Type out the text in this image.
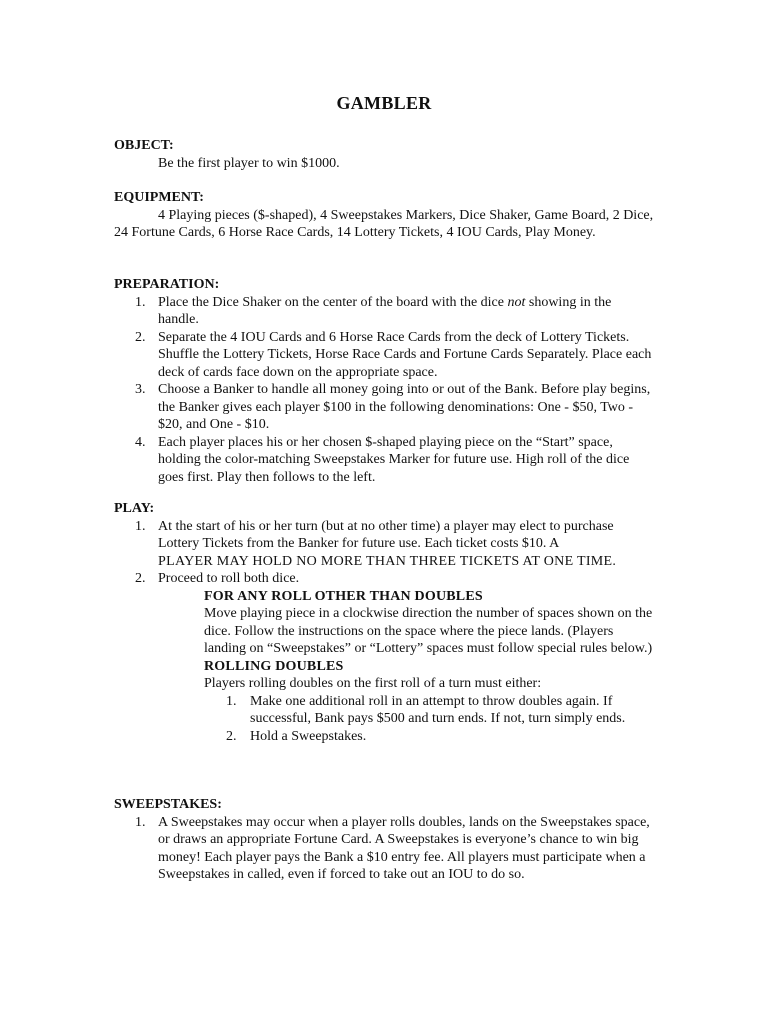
GAMBLER
OBJECT:
Be the first player to win $1000.
EQUIPMENT:
4 Playing pieces ($-shaped), 4 Sweepstakes Markers, Dice Shaker, Game Board, 2 Dice, 24 Fortune Cards, 6 Horse Race Cards, 14 Lottery Tickets, 4 IOU Cards, Play Money.
PREPARATION:
1. Place the Dice Shaker on the center of the board with the dice not showing in the handle.
2. Separate the 4 IOU Cards and 6 Horse Race Cards from the deck of Lottery Tickets. Shuffle the Lottery Tickets, Horse Race Cards and Fortune Cards Separately. Place each deck of cards face down on the appropriate space.
3. Choose a Banker to handle all money going into or out of the Bank. Before play begins, the Banker gives each player $100 in the following denominations: One - $50, Two - $20, and One - $10.
4. Each player places his or her chosen $-shaped playing piece on the “Start” space, holding the color-matching Sweepstakes Marker for future use. High roll of the dice goes first. Play then follows to the left.
PLAY:
1. At the start of his or her turn (but at no other time) a player may elect to purchase Lottery Tickets from the Banker for future use. Each ticket costs $10. A
PLAYER MAY HOLD NO MORE THAN THREE TICKETS AT ONE TIME.
2. Proceed to roll both dice.
FOR ANY ROLL OTHER THAN DOUBLES
Move playing piece in a clockwise direction the number of spaces shown on the dice. Follow the instructions on the space where the piece lands. (Players landing on “Sweepstakes” or “Lottery” spaces must follow special rules below.)
ROLLING DOUBLES
Players rolling doubles on the first roll of a turn must either:
1. Make one additional roll in an attempt to throw doubles again. If successful, Bank pays $500 and turn ends. If not, turn simply ends.
2. Hold a Sweepstakes.
SWEEPSTAKES:
1. A Sweepstakes may occur when a player rolls doubles, lands on the Sweepstakes space, or draws an appropriate Fortune Card. A Sweepstakes is everyone’s chance to win big money! Each player pays the Bank a $10 entry fee. All players must participate when a Sweepstakes in called, even if forced to take out an IOU to do so.
